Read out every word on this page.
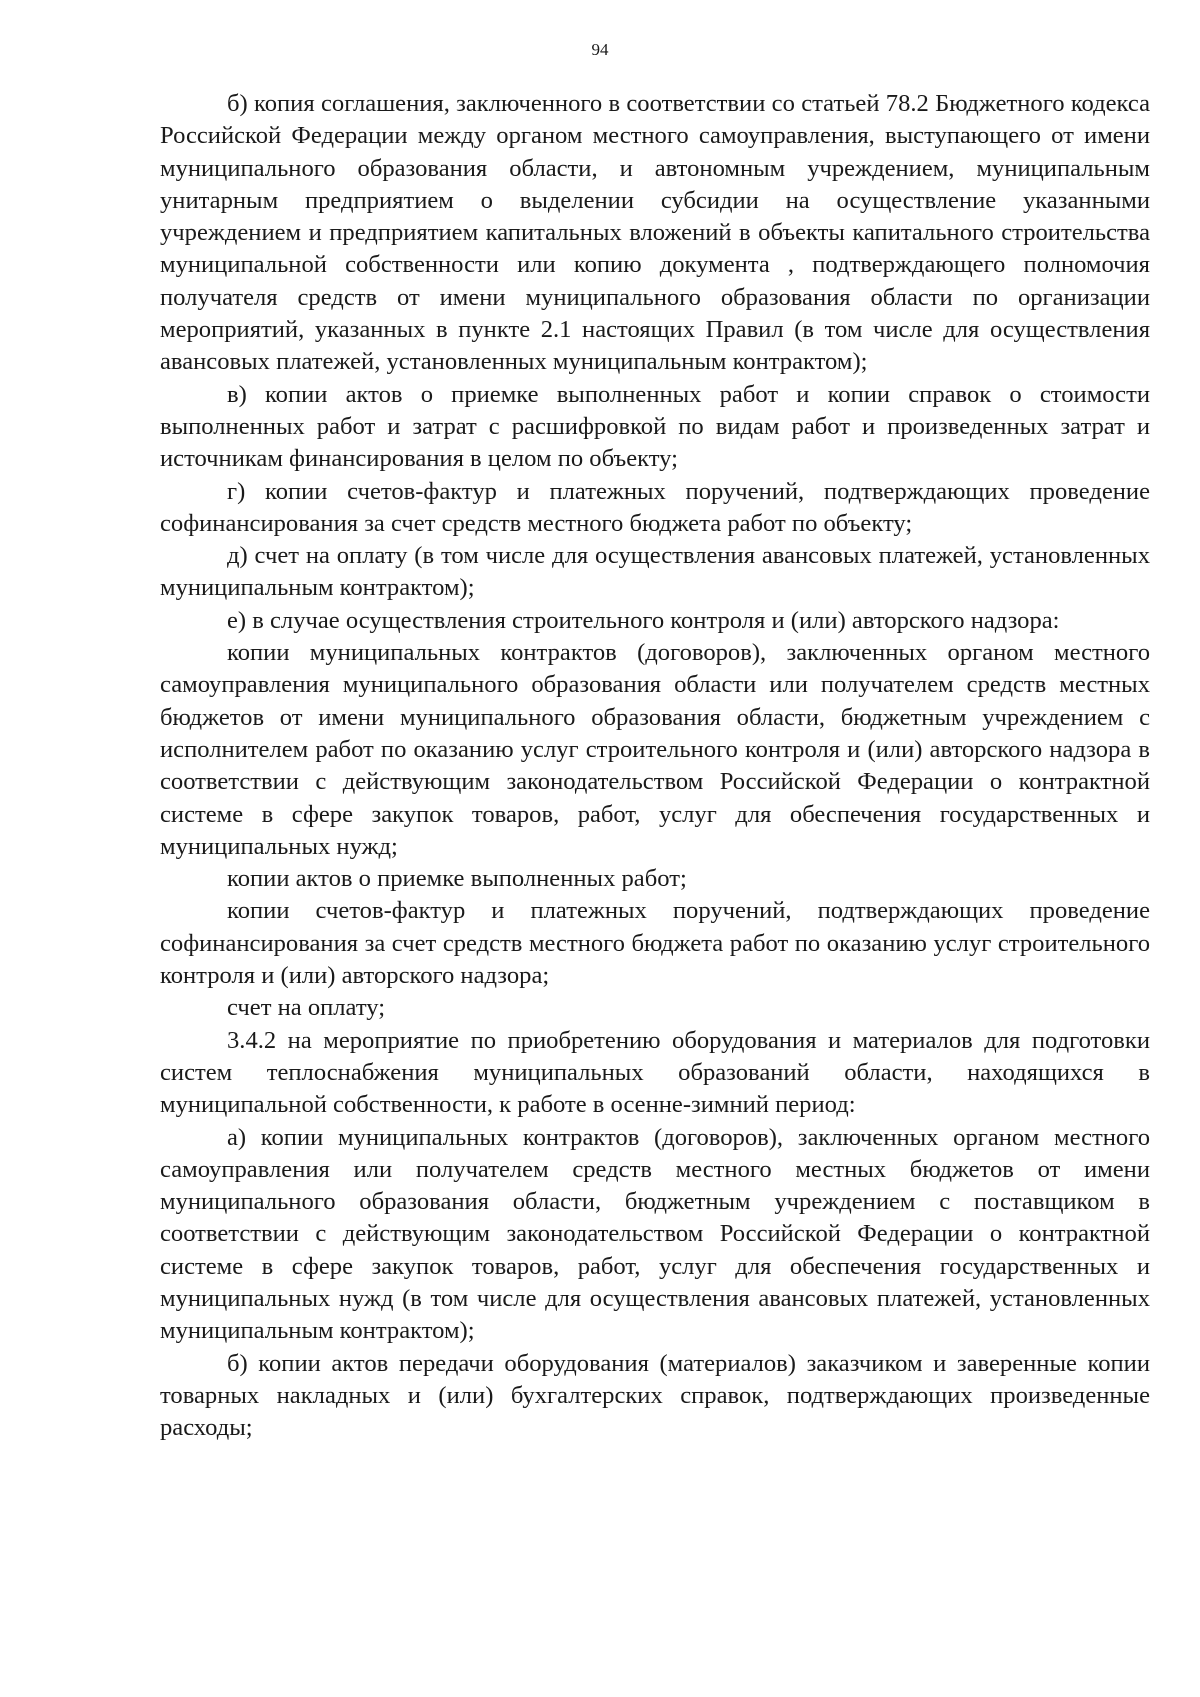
94

б) копия соглашения, заключенного в соответствии со статьей 78.2 Бюджетного кодекса Российской Федерации между органом местного самоуправления, выступающего от имени муниципального образования области, и автономным учреждением, муниципальным унитарным предприятием о выделении субсидии на осуществление указанными учреждением и предприятием капитальных вложений в объекты капитального строительства муниципальной собственности или копию документа , подтверждающего полномочия получателя средств от имени муниципального образования области по организации мероприятий, указанных в пункте 2.1 настоящих Правил (в том числе для осуществления авансовых платежей, установленных муниципальным контрактом);

в) копии актов о приемке выполненных работ и копии справок о стоимости выполненных работ и затрат с расшифровкой по видам работ и произведенных затрат и источникам финансирования в целом по объекту;

г) копии счетов-фактур и платежных поручений, подтверждающих проведение софинансирования за счет средств местного бюджета работ по объекту;

д) счет на оплату (в том числе для осуществления авансовых платежей, установленных муниципальным контрактом);

е) в случае осуществления строительного контроля и (или) авторского надзора:

копии муниципальных контрактов (договоров), заключенных органом местного самоуправления муниципального образования области или получателем средств местных бюджетов от имени муниципального образования области, бюджетным учреждением с исполнителем работ по оказанию услуг строительного контроля и (или) авторского надзора в соответствии с действующим законодательством Российской Федерации о контрактной системе в сфере закупок товаров, работ, услуг для обеспечения государственных и муниципальных нужд;

копии актов о приемке выполненных работ;

копии счетов-фактур и платежных поручений, подтверждающих проведение софинансирования за счет средств местного бюджета работ по оказанию услуг строительного контроля и (или) авторского надзора;

счет на оплату;

3.4.2 на мероприятие по приобретению оборудования и материалов для подготовки систем теплоснабжения муниципальных образований области, находящихся в муниципальной собственности, к работе в осенне-зимний период:

а) копии муниципальных контрактов (договоров), заключенных органом местного самоуправления или получателем средств местного местных бюджетов от имени муниципального образования области, бюджетным учреждением с поставщиком в соответствии с действующим законодательством Российской Федерации о контрактной системе в сфере закупок товаров, работ, услуг для обеспечения государственных и муниципальных нужд (в том числе для осуществления авансовых платежей, установленных муниципальным контрактом);

б) копии актов передачи оборудования (материалов) заказчиком и заверенные копии товарных накладных и (или) бухгалтерских справок, подтверждающих произведенные расходы;
